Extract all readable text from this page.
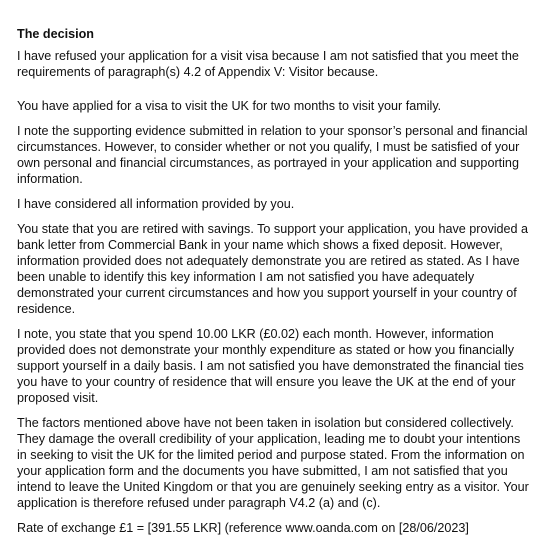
The decision

I have refused your application for a visit visa because I am not satisfied that you meet the requirements of paragraph(s) 4.2 of Appendix V: Visitor because.

You have applied for a visa to visit the UK for two months to visit your family.

I note the supporting evidence submitted in relation to your sponsor’s personal and financial circumstances. However, to consider whether or not you qualify, I must be satisfied of your own personal and financial circumstances, as portrayed in your application and supporting information.

I have considered all information provided by you.

You state that you are retired with savings. To support your application, you have provided a bank letter from Commercial Bank in your name which shows a fixed deposit. However, information provided does not adequately demonstrate you are retired as stated. As I have been unable to identify this key information I am not satisfied you have adequately demonstrated your current circumstances and how you support yourself in your country of residence.

I note, you state that you spend 10.00 LKR (£0.02) each month. However, information provided does not demonstrate your monthly expenditure as stated or how you financially support yourself in a daily basis. I am not satisfied you have demonstrated the financial ties you have to your country of residence that will ensure you leave the UK at the end of your proposed visit.

The factors mentioned above have not been taken in isolation but considered collectively. They damage the overall credibility of your application, leading me to doubt your intentions in seeking to visit the UK for the limited period and purpose stated. From the information on your application form and the documents you have submitted, I am not satisfied that you intend to leave the United Kingdom or that you are genuinely seeking entry as a visitor. Your application is therefore refused under paragraph V4.2 (a) and (c).

Rate of exchange £1 = [391.55 LKR] (reference www.oanda.com on [28/06/2023]
